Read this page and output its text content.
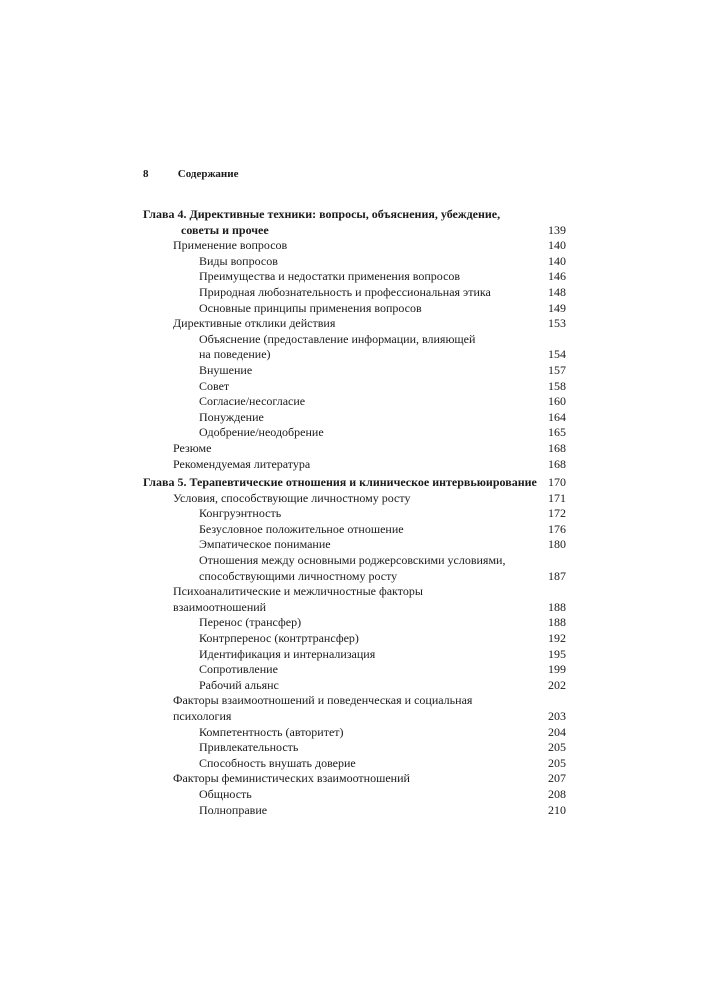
8	Содержание
Глава 4. Директивные техники: вопросы, объяснения, убеждение,
советы и прочее	139
Применение вопросов	140
Виды вопросов	140
Преимущества и недостатки применения вопросов	146
Природная любознательность и профессиональная этика	148
Основные принципы применения вопросов	149
Директивные отклики действия	153
Объяснение (предоставление информации, влияющей
на поведение)	154
Внушение	157
Совет	158
Согласие/несогласие	160
Понуждение	164
Одобрение/неодобрение	165
Резюме	168
Рекомендуемая литература	168
Глава 5. Терапевтические отношения и клиническое интервьюирование 170
Условия, способствующие личностному росту	171
Конгруэнтность	172
Безусловное положительное отношение	176
Эмпатическое понимание	180
Отношения между основными роджерсовскими условиями,
способствующими личностному росту	187
Психоаналитические и межличностные факторы
взаимоотношений	188
Перенос (трансфер)	188
Контрперенос (контртрансфер)	192
Идентификация и интернализация	195
Сопротивление	199
Рабочий альянс	202
Факторы взаимоотношений и поведенческая и социальная
психология	203
Компетентность (авторитет)	204
Привлекательность	205
Способность внушать доверие	205
Факторы феминистических взаимоотношений	207
Общность	208
Полноправие	210
